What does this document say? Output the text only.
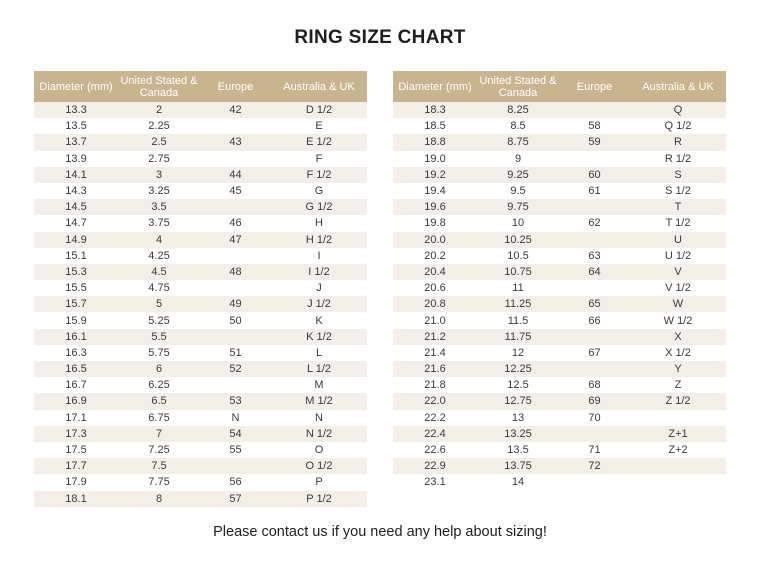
RING SIZE CHART
Diameter (mm)	United Stated & Canada	Europe	Australia & UK
13.3	2	42	D 1/2
13.5	2.25		E
13.7	2.5	43	E 1/2
13.9	2.75		F
14.1	3	44	F 1/2
14.3	3.25	45	G
14.5	3.5		G 1/2
14.7	3.75	46	H
14.9	4	47	H 1/2
15.1	4.25		I
15.3	4.5	48	I 1/2
15.5	4.75		J
15.7	5	49	J 1/2
15.9	5.25	50	K
16.1	5.5		K 1/2
16.3	5.75	51	L
16.5	6	52	L 1/2
16.7	6.25		M
16.9	6.5	53	M 1/2
17.1	6.75	N	N
17.3	7	54	N 1/2
17.5	7.25	55	O
17.7	7.5		O 1/2
17.9	7.75	56	P
18.1	8	57	P 1/2
Diameter (mm)	United Stated & Canada	Europe	Australia & UK
18.3	8.25		Q
18.5	8.5	58	Q 1/2
18.8	8.75	59	R
19.0	9		R 1/2
19.2	9.25	60	S
19.4	9.5	61	S 1/2
19.6	9.75		T
19.8	10	62	T 1/2
20.0	10.25		U
20.2	10.5	63	U 1/2
20.4	10.75	64	V
20.6	11		V 1/2
20.8	11.25	65	W
21.0	11.5	66	W 1/2
21.2	11.75		X
21.4	12	67	X 1/2
21.6	12.25		Y
21.8	12.5	68	Z
22.0	12.75	69	Z 1/2
22.2	13	70	
22.4	13.25		Z+1
22.6	13.5	71	Z+2
22.9	13.75	72	
23.1	14		
Please contact us if you need any help about sizing!
